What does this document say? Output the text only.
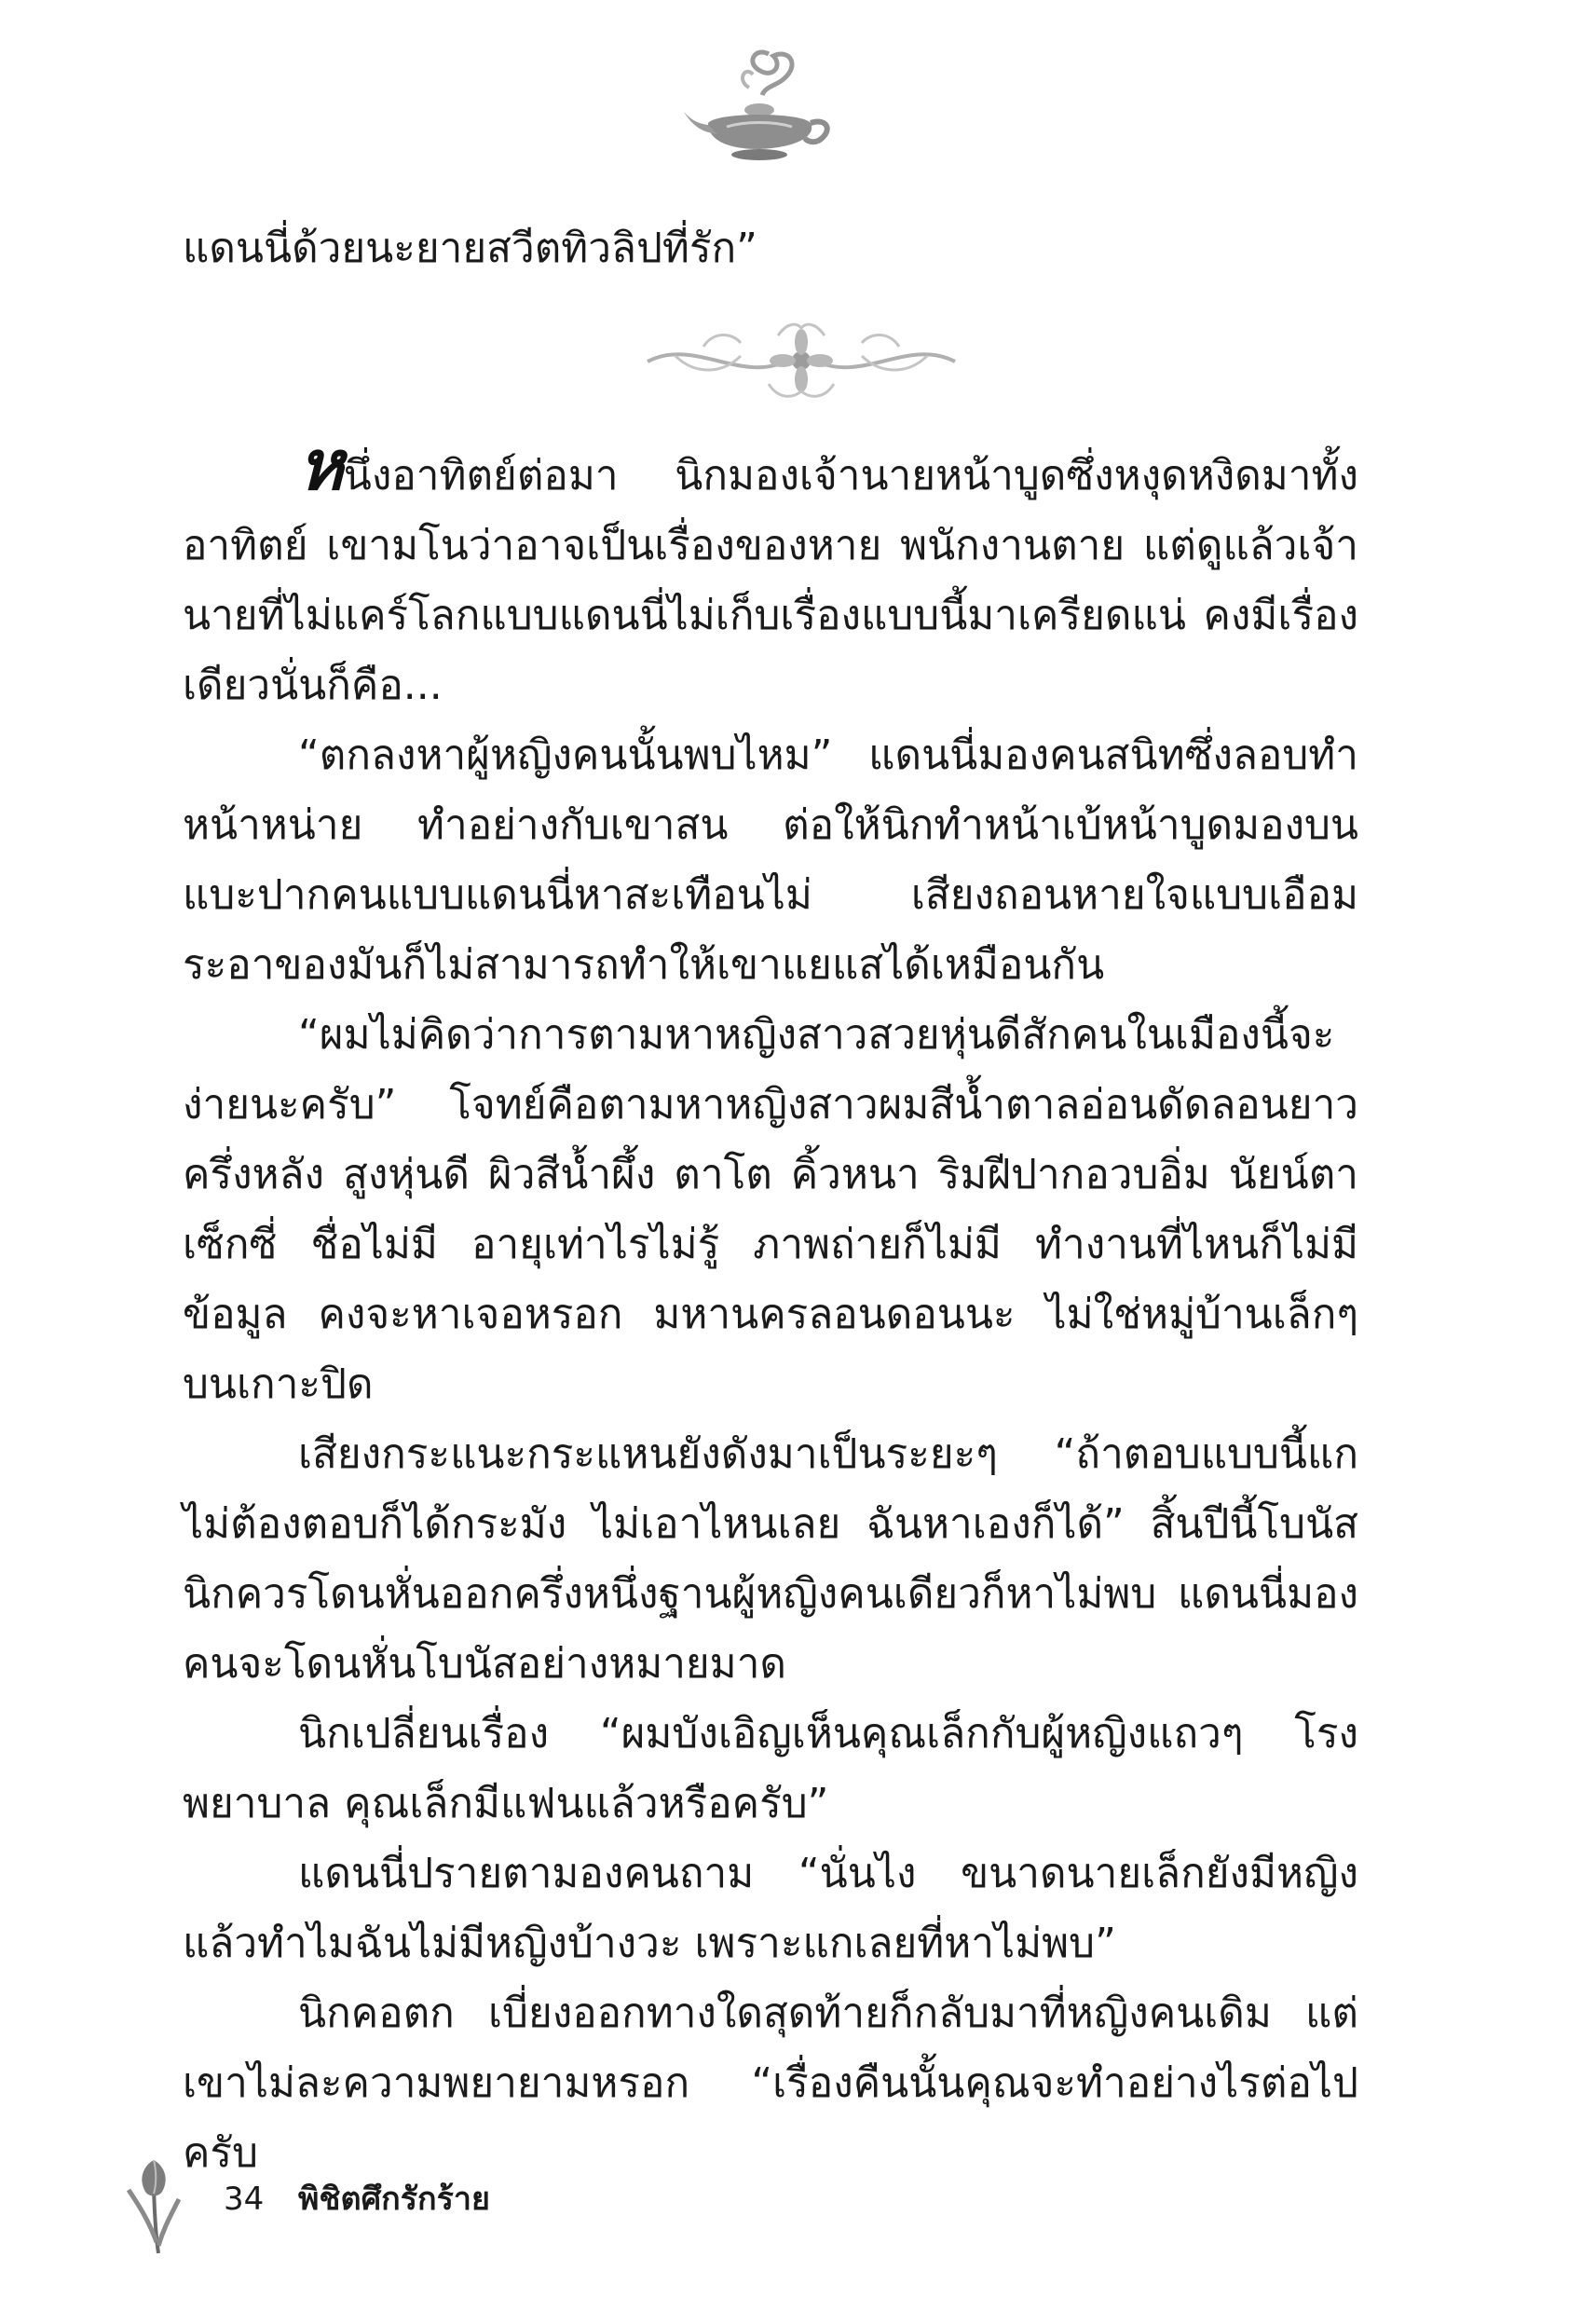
แดนนี่ด้วยนะยายสวีตทิวลิปที่รัก”

หนึ่งอาทิตย์ต่อมา นิกมองเจ้านายหน้าบูดซึ่งหงุดหงิดมาทั้งอาทิตย์ เขามโนว่าอาจเป็นเรื่องของหาย พนักงานตาย แต่ดูแล้วเจ้านายที่ไม่แคร์โลกแบบแดนนี่ไม่เก็บเรื่องแบบนี้มาเครียดแน่ คงมีเรื่องเดียวนั่นก็คือ...

“ตกลงหาผู้หญิงคนนั้นพบไหม” แดนนี่มองคนสนิทซึ่งลอบทำหน้าหน่าย ทำอย่างกับเขาสน ต่อให้นิกทำหน้าเบ้หน้าบูดมองบนแบะปากคนแบบแดนนี่หาสะเทือนไม่ เสียงถอนหายใจแบบเอือมระอาของมันก็ไม่สามารถทำให้เขาแยแสได้เหมือนกัน

“ผมไม่คิดว่าการตามหาหญิงสาวสวยหุ่นดีสักคนในเมืองนี้จะง่ายนะครับ” โจทย์คือตามหาหญิงสาวผมสีน้ำตาลอ่อนดัดลอนยาวครึ่งหลัง สูงหุ่นดี ผิวสีน้ำผึ้ง ตาโต คิ้วหนา ริมฝีปากอวบอิ่ม นัยน์ตาเซ็กซี่ ชื่อไม่มี อายุเท่าไรไม่รู้ ภาพถ่ายก็ไม่มี ทำงานที่ไหนก็ไม่มีข้อมูล คงจะหาเจอหรอก มหานครลอนดอนนะ ไม่ใช่หมู่บ้านเล็กๆ บนเกาะปิด

เสียงกระแนะกระแหนยังดังมาเป็นระยะๆ “ถ้าตอบแบบนี้แกไม่ต้องตอบก็ได้กระมัง ไม่เอาไหนเลย ฉันหาเองก็ได้” สิ้นปีนี้โบนัสนิกควรโดนหั่นออกครึ่งหนึ่งฐานผู้หญิงคนเดียวก็หาไม่พบ แดนนี่มองคนจะโดนหั่นโบนัสอย่างหมายมาด

นิกเปลี่ยนเรื่อง “ผมบังเอิญเห็นคุณเล็กกับผู้หญิงแถวๆ โรงพยาบาล คุณเล็กมีแฟนแล้วหรือครับ”

แดนนี่ปรายตามองคนถาม “นั่นไง ขนาดนายเล็กยังมีหญิง แล้วทำไมฉันไม่มีหญิงบ้างวะ เพราะแกเลยที่หาไม่พบ”

นิกคอตก เบี่ยงออกทางใดสุดท้ายก็กลับมาที่หญิงคนเดิม แต่เขาไม่ละความพยายามหรอก “เรื่องคืนนั้นคุณจะทำอย่างไรต่อไปครับ

34 พิชิตศึกรักร้าย
